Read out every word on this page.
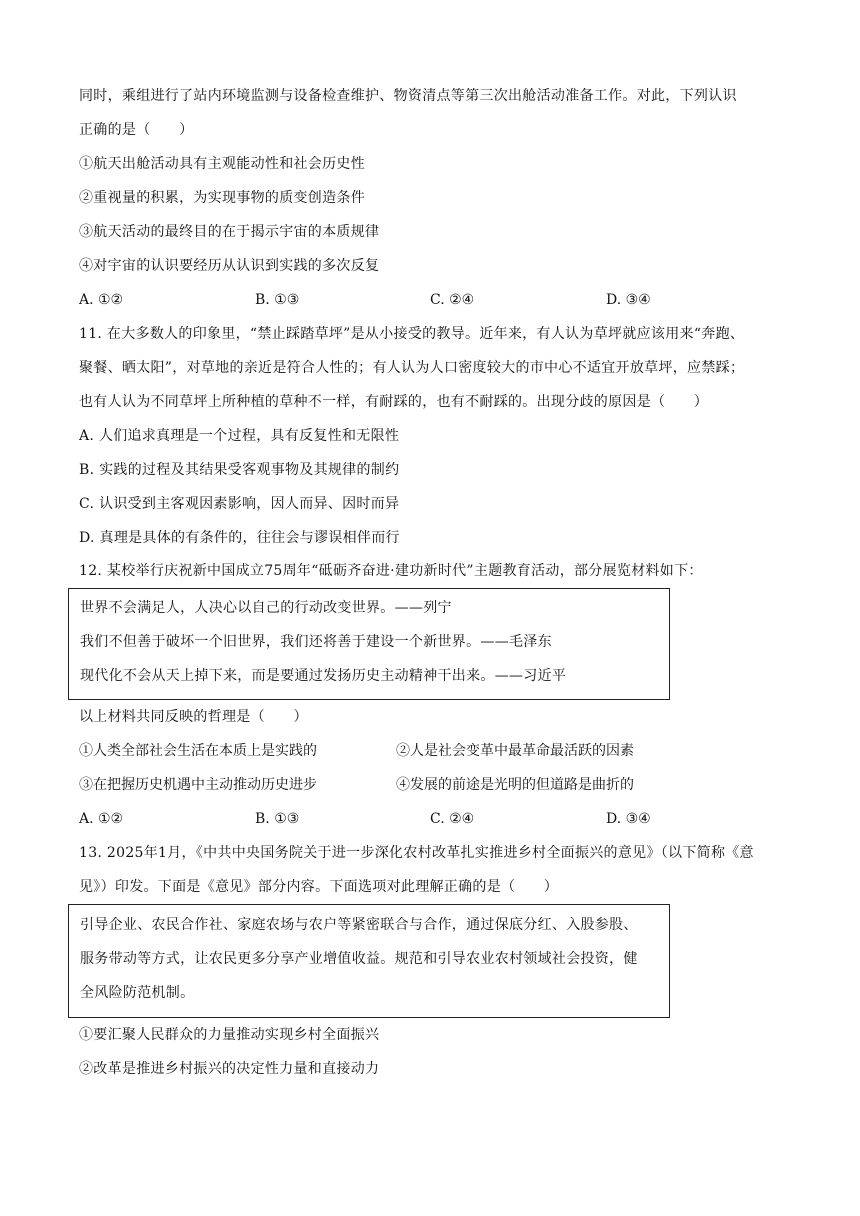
同时，乘组进行了站内环境监测与设备检查维护、物资清点等第三次出舱活动准备工作。对此，下列认识
正确的是（　　）
①航天出舱活动具有主观能动性和社会历史性
②重视量的积累，为实现事物的质变创造条件
③航天活动的最终目的在于揭示宇宙的本质规律
④对宇宙的认识要经历从认识到实践的多次反复
A. ①②	B. ①③	C. ②④	D. ③④
11. 在大多数人的印象里，“禁止踩踏草坪”是从小接受的教导。近年来，有人认为草坪就应该用来“奔跑、
聚餐、晒太阳”，对草地的亲近是符合人性的；有人认为人口密度较大的市中心不适宜开放草坪，应禁踩；
也有人认为不同草坪上所种植的草种不一样，有耐踩的，也有不耐踩的。出现分歧的原因是（　　）
A. 人们追求真理是一个过程，具有反复性和无限性
B. 实践的过程及其结果受客观事物及其规律的制约
C. 认识受到主客观因素影响，因人而异、因时而异
D. 真理是具体的有条件的，往往会与谬误相伴而行
12. 某校举行庆祝新中国成立75周年“砥砺齐奋进·建功新时代”主题教育活动，部分展览材料如下：
世界不会满足人，人决心以自己的行动改变世界。——列宁
我们不但善于破坏一个旧世界，我们还将善于建设一个新世界。——毛泽东
现代化不会从天上掉下来，而是要通过发扬历史主动精神干出来。——习近平
以上材料共同反映的哲理是（　　）
①人类全部社会生活在本质上是实践的	②人是社会变革中最革命最活跃的因素
③在把握历史机遇中主动推动历史进步	④发展的前途是光明的但道路是曲折的
A. ①②	B. ①③	C. ②④	D. ③④
13. 2025年1月，《中共中央国务院关于进一步深化农村改革扎实推进乡村全面振兴的意见》（以下简称《意
见》）印发。下面是《意见》部分内容。下面选项对此理解正确的是（　　）
引导企业、农民合作社、家庭农场与农户等紧密联合与合作，通过保底分红、入股参股、
服务带动等方式，让农民更多分享产业增值收益。规范和引导农业农村领域社会投资，健
全风险防范机制。
①要汇聚人民群众的力量推动实现乡村全面振兴
②改革是推进乡村振兴的决定性力量和直接动力
